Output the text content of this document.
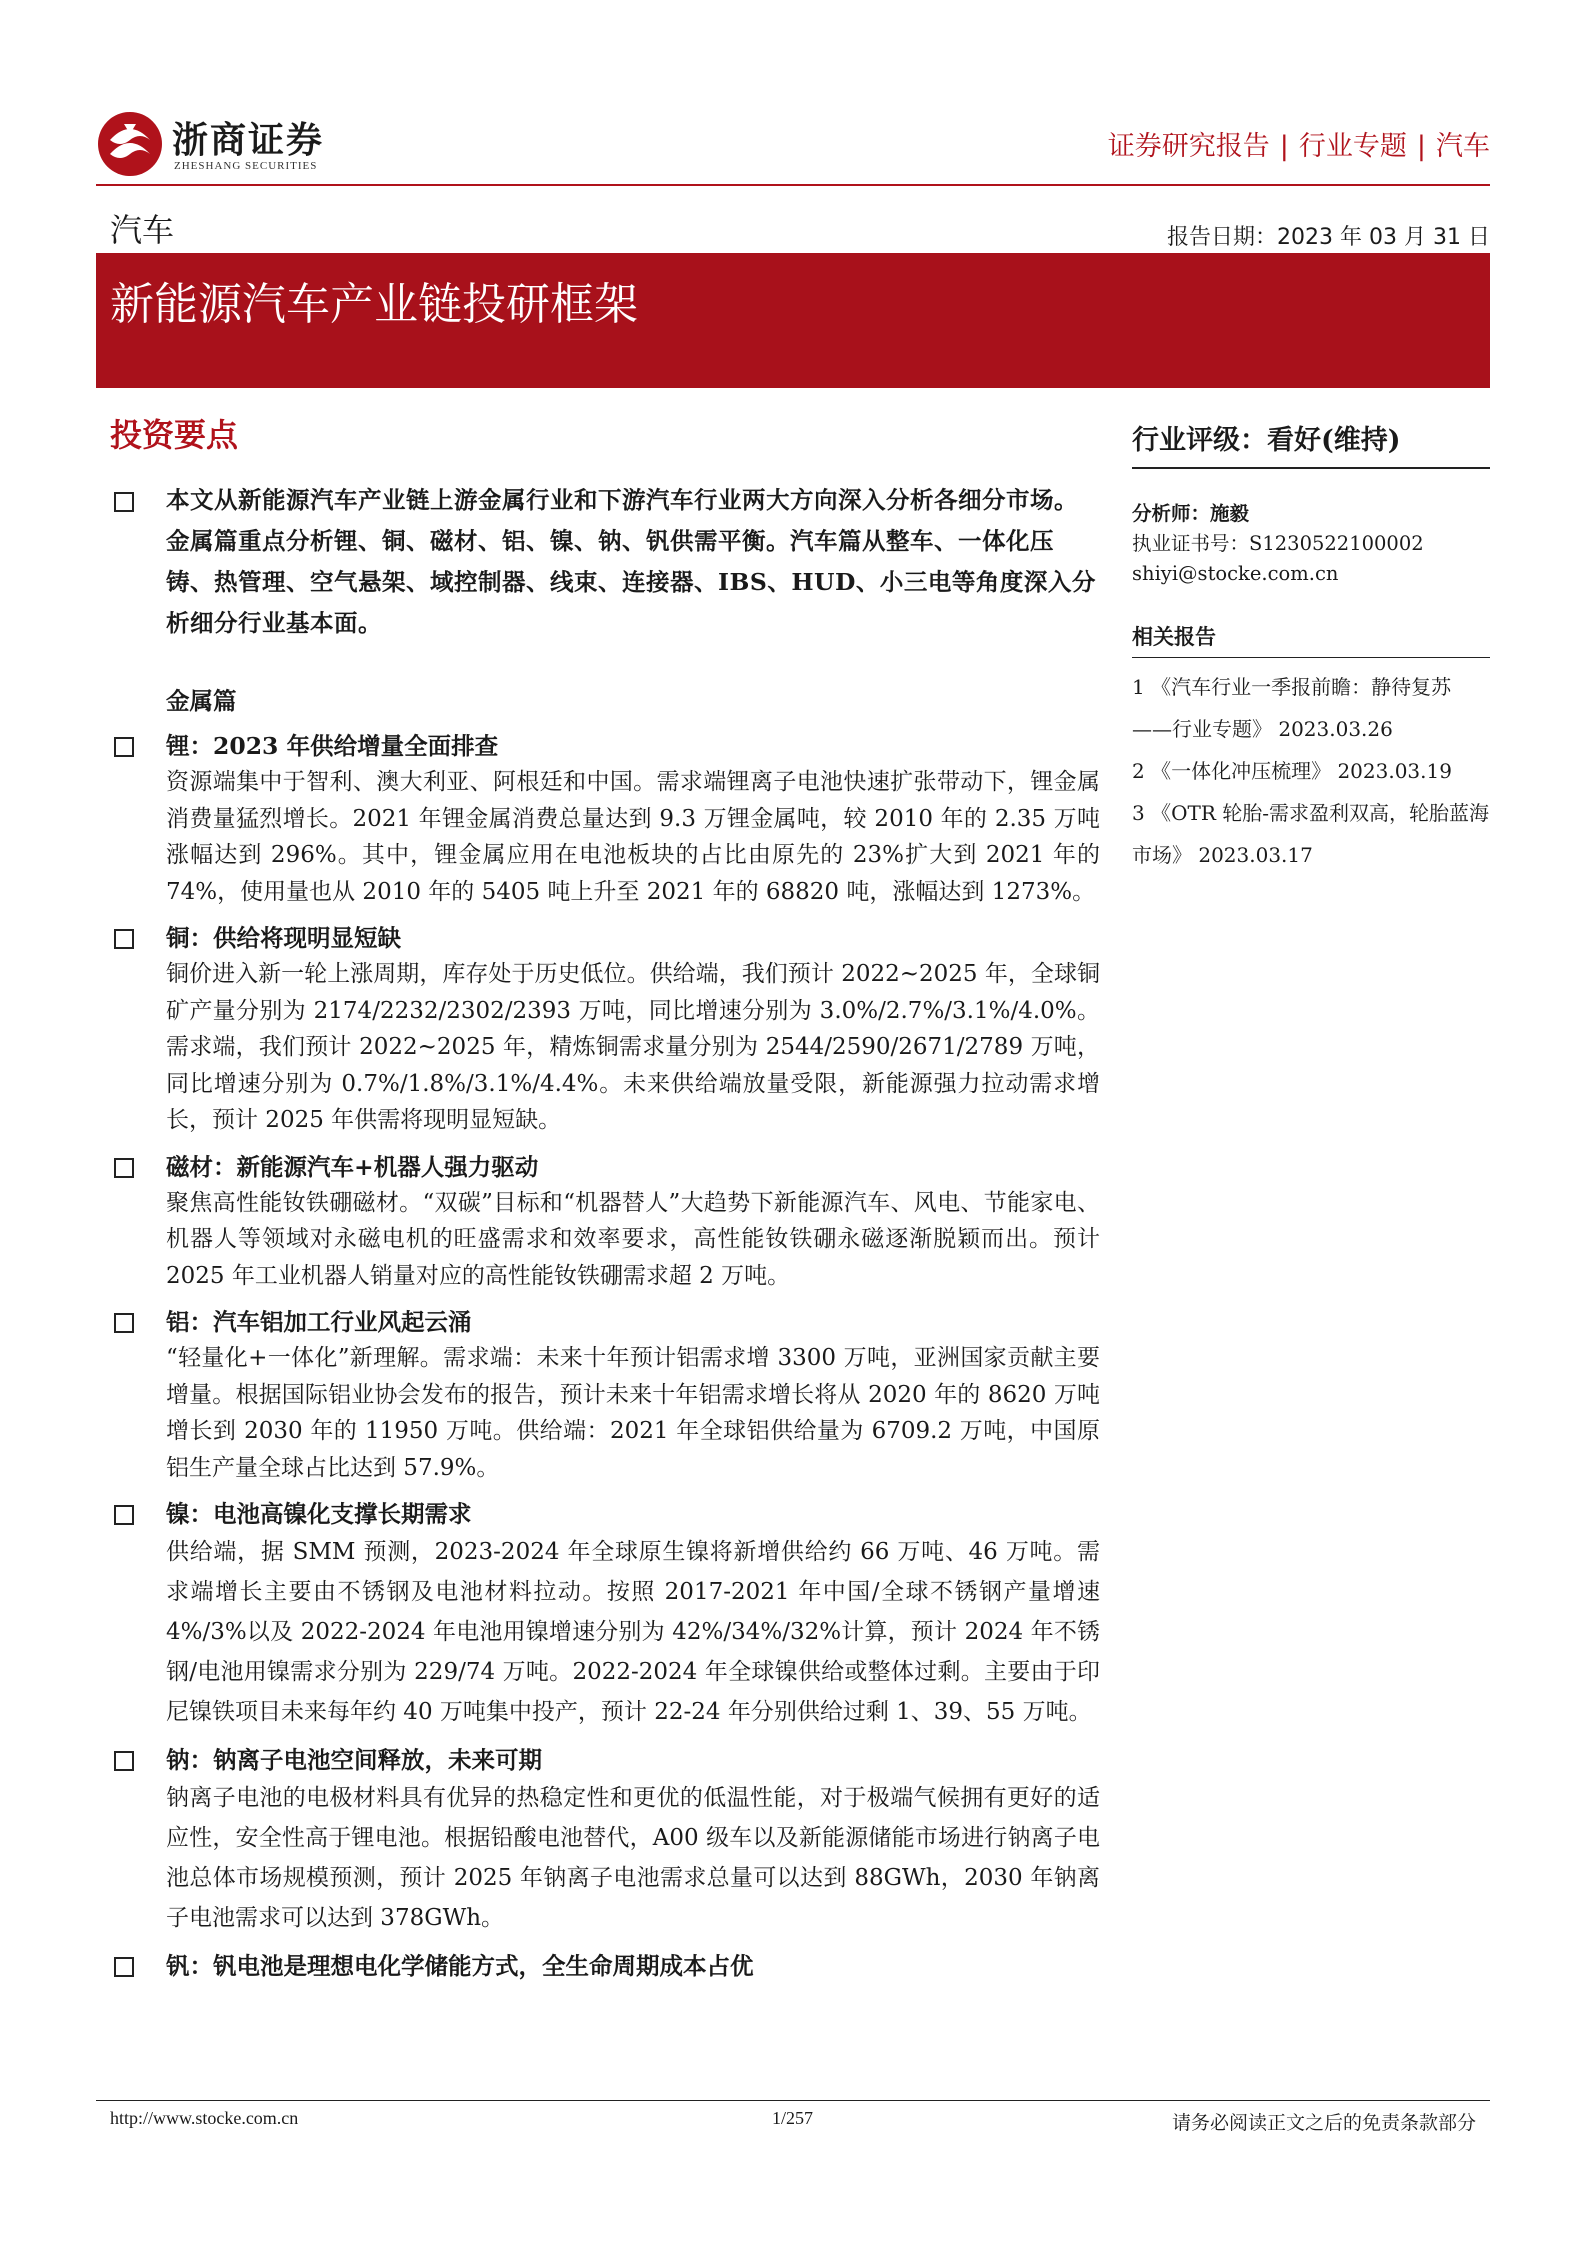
浙商证券
ZHESHANG SECURITIES
证券研究报告 | 行业专题 | 汽车
汽车	报告日期：2023 年 03 月 31 日
新能源汽车产业链投研框架
投资要点
本文从新能源汽车产业链上游金属行业和下游汽车行业两大方向深入分析各细分市场。金属篇重点分析锂、铜、磁材、铝、镍、钠、钒供需平衡。汽车篇从整车、一体化压铸、热管理、空气悬架、域控制器、线束、连接器、IBS、HUD、小三电等角度深入分析细分行业基本面。
金属篇
锂：2023 年供给增量全面排查
资源端集中于智利、澳大利亚、阿根廷和中国。需求端锂离子电池快速扩张带动下，锂金属消费量猛烈增长。2021 年锂金属消费总量达到 9.3 万锂金属吨，较 2010 年的 2.35 万吨涨幅达到 296%。其中，锂金属应用在电池板块的占比由原先的 23%扩大到 2021 年的 74%，使用量也从 2010 年的 5405 吨上升至 2021 年的 68820 吨，涨幅达到 1273%。
铜：供给将现明显短缺
铜价进入新一轮上涨周期，库存处于历史低位。供给端，我们预计 2022~2025 年，全球铜矿产量分别为 2174/2232/2302/2393 万吨，同比增速分别为 3.0%/2.7%/3.1%/4.0%。需求端，我们预计 2022~2025 年，精炼铜需求量分别为 2544/2590/2671/2789 万吨，同比增速分别为 0.7%/1.8%/3.1%/4.4%。未来供给端放量受限，新能源强力拉动需求增长，预计 2025 年供需将现明显短缺。
磁材：新能源汽车+机器人强力驱动
聚焦高性能钕铁硼磁材。“双碳”目标和“机器替人”大趋势下新能源汽车、风电、节能家电、机器人等领域对永磁电机的旺盛需求和效率要求，高性能钕铁硼永磁逐渐脱颖而出。预计 2025 年工业机器人销量对应的高性能钕铁硼需求超 2 万吨。
铝：汽车铝加工行业风起云涌
“轻量化+一体化”新理解。需求端：未来十年预计铝需求增 3300 万吨，亚洲国家贡献主要增量。根据国际铝业协会发布的报告，预计未来十年铝需求增长将从 2020 年的 8620 万吨增长到 2030 年的 11950 万吨。供给端：2021 年全球铝供给量为 6709.2 万吨，中国原铝生产量全球占比达到 57.9%。
镍：电池高镍化支撑长期需求
供给端，据 SMM 预测，2023-2024 年全球原生镍将新增供给约 66 万吨、46 万吨。需求端增长主要由不锈钢及电池材料拉动。按照 2017-2021 年中国/全球不锈钢产量增速 4%/3%以及 2022-2024 年电池用镍增速分别为 42%/34%/32%计算，预计 2024 年不锈钢/电池用镍需求分别为 229/74 万吨。2022-2024 年全球镍供给或整体过剩。主要由于印尼镍铁项目未来每年约 40 万吨集中投产，预计 22-24 年分别供给过剩 1、39、55 万吨。
钠：钠离子电池空间释放，未来可期
钠离子电池的电极材料具有优异的热稳定性和更优的低温性能，对于极端气候拥有更好的适应性，安全性高于锂电池。根据铅酸电池替代，A00 级车以及新能源储能市场进行钠离子电池总体市场规模预测，预计 2025 年钠离子电池需求总量可以达到 88GWh，2030 年钠离子电池需求可以达到 378GWh。
钒：钒电池是理想电化学储能方式，全生命周期成本占优
行业评级：看好(维持)
分析师：施毅
执业证书号：S1230522100002
shiyi@stocke.com.cn
相关报告
1 《汽车行业一季报前瞻：静待复苏——行业专题》 2023.03.26
2 《一体化冲压梳理》 2023.03.19
3 《OTR 轮胎-需求盈利双高，轮胎蓝海市场》 2023.03.17
http://www.stocke.com.cn	1/257	请务必阅读正文之后的免责条款部分
